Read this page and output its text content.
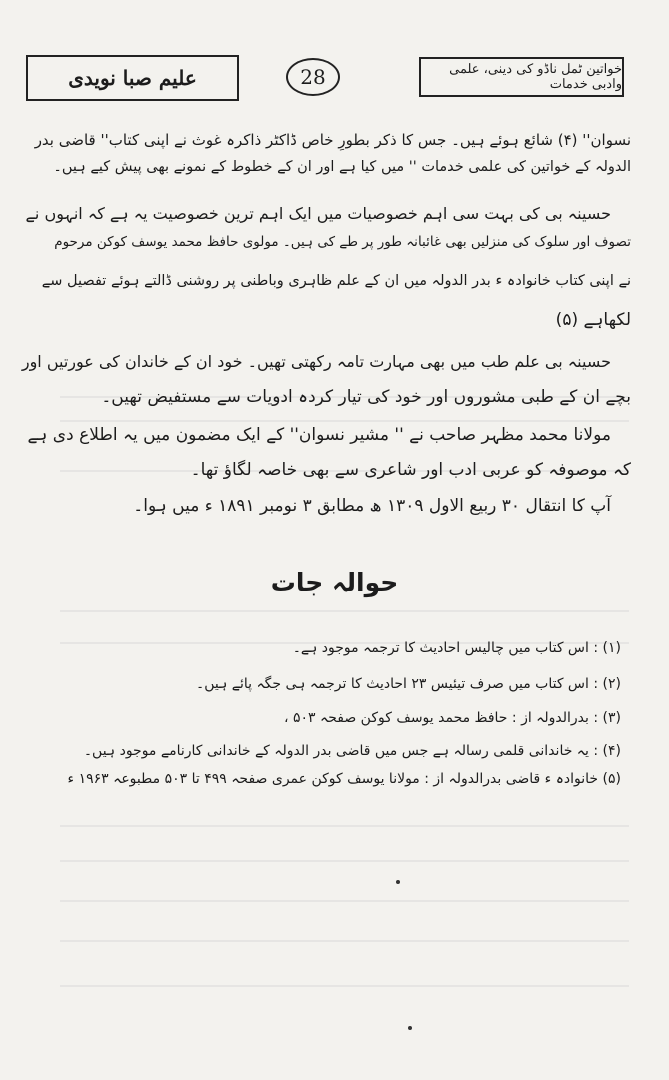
علیم صبا نویدی	28	خواتین ٹمل ناڈو کی دینی، علمی وادبی خدمات
نسوان'' (۴) شائع ہوئے ہیں۔ جس کا ذکر بطورِ خاص ڈاکٹر ذاکرہ غوث نے اپنی کتاب'' قاضی بدر
الدولہ کے خواتین کی علمی خدمات '' میں کیا ہے اور ان کے خطوط کے نمونے بھی پیش کیے ہیں۔
حسینہ بی کی بہت سی اہم خصوصیات میں ایک اہم ترین خصوصیت یہ ہے کہ انہوں نے
تصوف اور سلوک کی منزلیں بھی غائبانہ طور پر طے کی ہیں۔ مولوی حافظ محمد یوسف کوکن مرحوم
نے اپنی کتاب خانوادہ ء بدر الدولہ میں ان کے علم ظاہری وباطنی پر روشنی ڈالتے ہوئے تفصیل سے
لکھاہے (۵)
حسینہ بی علم طب میں بھی مہارت تامہ رکھتی تھیں۔ خود ان کے خاندان کی عورتیں اور
بچے ان کے طبی مشوروں اور خود کی تیار کردہ ادویات سے مستفیض تھیں۔
مولانا محمد مظہر صاحب نے '' مشیر نسوان'' کے ایک مضمون میں یہ اطلاع دی ہے
کہ موصوفہ کو عربی ادب اور شاعری سے بھی خاصہ لگاؤ تھا۔
آپ کا انتقال ۳۰ ربیع الاول ۱۳۰۹ ھ مطابق ۳ نومبر ۱۸۹۱ ء میں ہوا۔
حوالہ جات
(۱) : اس کتاب میں چالیس احادیث کا ترجمہ موجود ہے۔
(۲) : اس کتاب میں صرف تیئیس ۲۳ احادیث کا ترجمہ ہی جگہ پائے ہیں۔
(۳) : بدرالدولہ از : حافظ محمد یوسف کوکن صفحہ ۵۰۳ ،
(۴) : یہ خاندانی قلمی رسالہ ہے جس میں قاضی بدر الدولہ کے خاندانی کارنامے موجود ہیں۔
(۵) خانوادہ ء قاضی بدرالدولہ از : مولانا یوسف کوکن عمری صفحہ ۴۹۹ تا ۵۰۳ مطبوعہ ۱۹۶۳ ء
